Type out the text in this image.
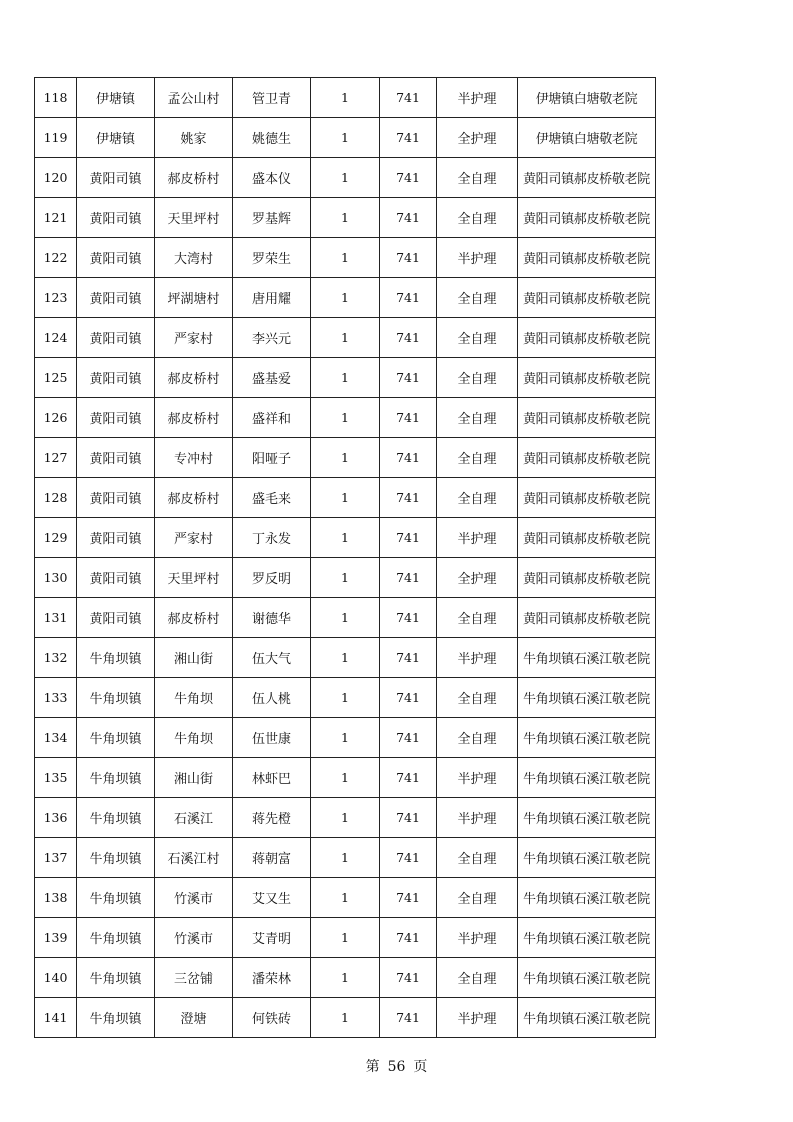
118	伊塘镇	孟公山村	管卫青	1	741	半护理	伊塘镇白塘敬老院
119	伊塘镇	姚家	姚德生	1	741	全护理	伊塘镇白塘敬老院
120	黄阳司镇	郝皮桥村	盛本仪	1	741	全自理	黄阳司镇郝皮桥敬老院
121	黄阳司镇	天里坪村	罗基辉	1	741	全自理	黄阳司镇郝皮桥敬老院
122	黄阳司镇	大湾村	罗荣生	1	741	半护理	黄阳司镇郝皮桥敬老院
123	黄阳司镇	坪湖塘村	唐用耀	1	741	全自理	黄阳司镇郝皮桥敬老院
124	黄阳司镇	严家村	李兴元	1	741	全自理	黄阳司镇郝皮桥敬老院
125	黄阳司镇	郝皮桥村	盛基爱	1	741	全自理	黄阳司镇郝皮桥敬老院
126	黄阳司镇	郝皮桥村	盛祥和	1	741	全自理	黄阳司镇郝皮桥敬老院
127	黄阳司镇	专冲村	阳哑子	1	741	全自理	黄阳司镇郝皮桥敬老院
128	黄阳司镇	郝皮桥村	盛毛来	1	741	全自理	黄阳司镇郝皮桥敬老院
129	黄阳司镇	严家村	丁永发	1	741	半护理	黄阳司镇郝皮桥敬老院
130	黄阳司镇	天里坪村	罗反明	1	741	全护理	黄阳司镇郝皮桥敬老院
131	黄阳司镇	郝皮桥村	谢德华	1	741	全自理	黄阳司镇郝皮桥敬老院
132	牛角坝镇	湘山街	伍大气	1	741	半护理	牛角坝镇石溪江敬老院
133	牛角坝镇	牛角坝	伍人桃	1	741	全自理	牛角坝镇石溪江敬老院
134	牛角坝镇	牛角坝	伍世康	1	741	全自理	牛角坝镇石溪江敬老院
135	牛角坝镇	湘山街	林虾巴	1	741	半护理	牛角坝镇石溪江敬老院
136	牛角坝镇	石溪江	蒋先橙	1	741	半护理	牛角坝镇石溪江敬老院
137	牛角坝镇	石溪江村	蒋朝富	1	741	全自理	牛角坝镇石溪江敬老院
138	牛角坝镇	竹溪市	艾又生	1	741	全自理	牛角坝镇石溪江敬老院
139	牛角坝镇	竹溪市	艾青明	1	741	半护理	牛角坝镇石溪江敬老院
140	牛角坝镇	三岔铺	潘荣林	1	741	全自理	牛角坝镇石溪江敬老院
141	牛角坝镇	澄塘	何铁砖	1	741	半护理	牛角坝镇石溪江敬老院
第 56 页
